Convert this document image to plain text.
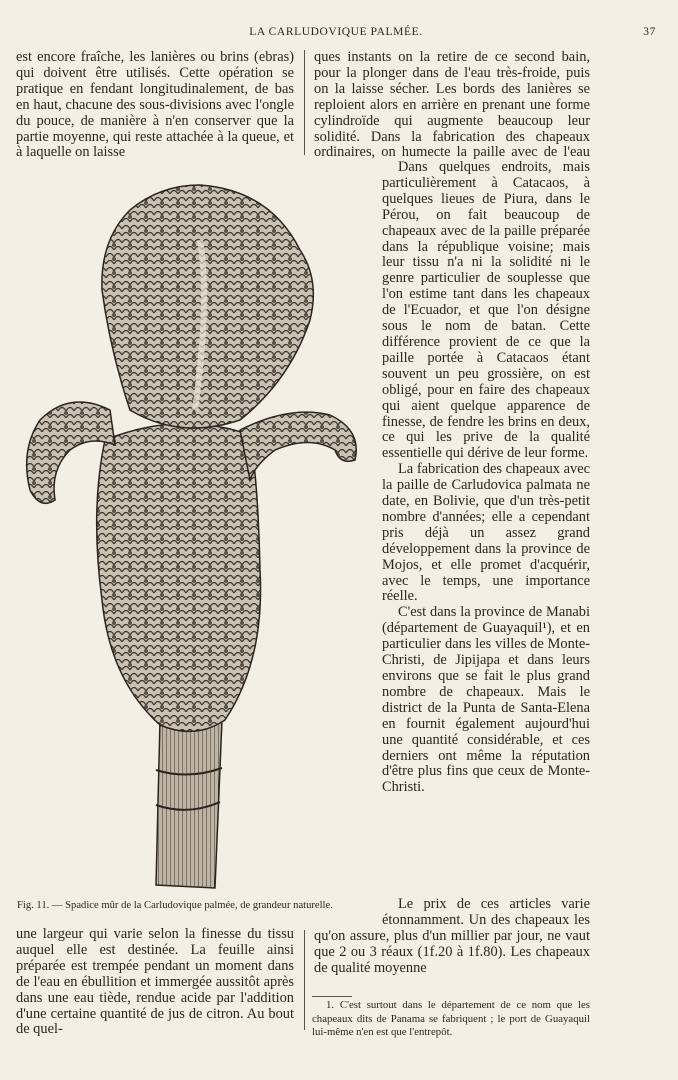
LA CARLUDOVIQUE PALMÉE.	37

est encore fraîche, les lanières ou brins (ebras) qui doivent être utilisés. Cette opération se pratique en fendant longitudinalement, de bas en haut, chacune des sous-divisions avec l'ongle du pouce, de manière à n'en conserver que la partie moyenne, qui reste attachée à la queue, et à laquelle on laisse

ques instants on la retire de ce second bain, pour la plonger dans de l'eau très-froide, puis on la laisse sécher. Les bords des lanières se reploient alors en arrière en prenant une forme cylindroïde qui augmente beaucoup leur solidité. Dans la fabrication des chapeaux ordinaires, on humecte la paille avec de l'eau

Dans quelques endroits, mais particulièrement à Catacaos, à quelques lieues de Piura, dans le Pérou, on fait beaucoup de chapeaux avec de la paille préparée dans la république voisine; mais leur tissu n'a ni la solidité ni le genre particulier de souplesse que l'on estime tant dans les chapeaux de l'Ecuador, et que l'on désigne sous le nom de batan. Cette différence provient de ce que la paille portée à Catacaos étant souvent un peu grossière, on est obligé, pour en faire des chapeaux qui aient quelque apparence de finesse, de fendre les brins en deux, ce qui les prive de la qualité essentielle qui dérive de leur forme.

La fabrication des chapeaux avec la paille de Carludovica palmata ne date, en Bolivie, que d'un très-petit nombre d'années; elle a cependant pris déjà un assez grand développement dans la province de Mojos, et elle promet d'acquérir, avec le temps, une importance réelle.

C'est dans la province de Manabi (département de Guayaquil¹), et en particulier dans les villes de Monte-Christi, de Jipijapa et dans leurs environs que se fait le plus grand nombre de chapeaux. Mais le district de la Punta de Santa-Elena en fournit également aujourd'hui une quantité considérable, et ces derniers ont même la réputation d'être plus fins que ceux de Monte-Christi.

Fig. 11. — Spadice mûr de la Carludovique palmée, de grandeur naturelle.	Le prix de ces articles varie étonnamment. Un des chapeaux les

qu'on assure, plus d'un millier par jour, ne vaut que 2 ou 3 réaux (1f.20 à 1f.80). Les chapeaux de qualité moyenne

une largeur qui varie selon la finesse du tissu auquel elle est destinée. La feuille ainsi préparée est trempée pendant un moment dans de l'eau en ébullition et immergée aussitôt après dans une eau tiède, rendue acide par l'addition d'une certaine quantité de jus de citron. Au bout de quel-

1. C'est surtout dans le département de ce nom que les chapeaux dits de Panama se fabriquent ; le port de Guayaquil lui-même n'en est que l'entrepôt.
